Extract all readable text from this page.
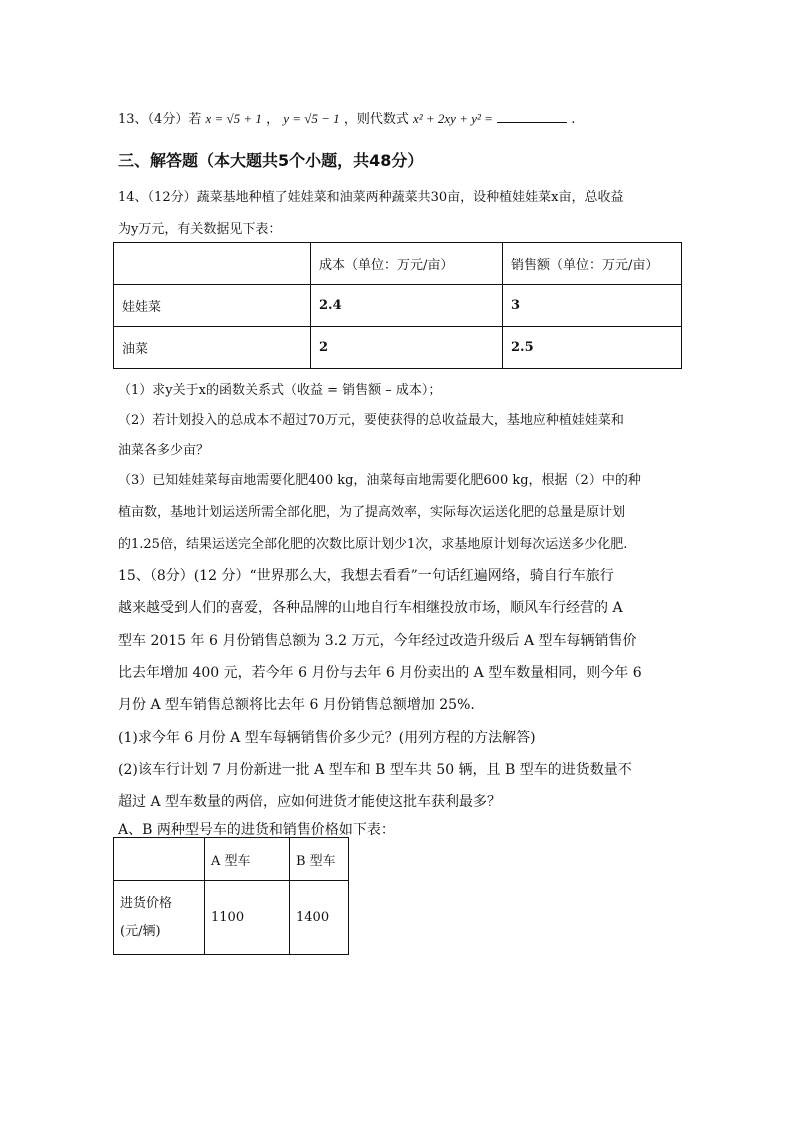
13、（4分）若 x = √5 + 1 ， y = √5 − 1 ，则代数式 x² + 2xy + y² =	.
三、解答题（本大题共5个小题，共48分）
14、（12分）蔬菜基地种植了娃娃菜和油菜两种蔬菜共30亩，设种植娃娃菜x亩，总收益
为y万元，有关数据见下表：
	成本（单位：万元/亩）	销售额（单位：万元/亩）
娃娃菜	2.4	3
油菜	2	2.5
（1）求y关于x的函数关系式（收益 = 销售额 – 成本）；
（2）若计划投入的总成本不超过70万元，要使获得的总收益最大，基地应种植娃娃菜和
油菜各多少亩？
（3）已知娃娃菜每亩地需要化肥400 kg，油菜每亩地需要化肥600 kg，根据（2）中的种
植亩数，基地计划运送所需全部化肥，为了提高效率，实际每次运送化肥的总量是原计划
的1.25倍，结果运送完全部化肥的次数比原计划少1次，求基地原计划每次运送多少化肥.
15、（8分）(12 分）“世界那么大，我想去看看”一句话红遍网络，骑自行车旅行
越来越受到人们的喜爱，各种品牌的山地自行车相继投放市场，顺风车行经营的 A
型车 2015 年 6 月份销售总额为 3.2 万元，今年经过改造升级后 A 型车每辆销售价
比去年增加 400 元，若今年 6 月份与去年 6 月份卖出的 A 型车数量相同，则今年 6
月份 A 型车销售总额将比去年 6 月份销售总额增加 25%.
(1)求今年 6 月份 A 型车每辆销售价多少元？(用列方程的方法解答)
(2)该车行计划 7 月份新进一批 A 型车和 B 型车共 50 辆，且 B 型车的进货数量不
超过 A 型车数量的两倍，应如何进货才能使这批车获利最多？
A、B 两种型号车的进货和销售价格如下表：
	A 型车	B 型车
进货价格
(元/辆)	1100	1400
